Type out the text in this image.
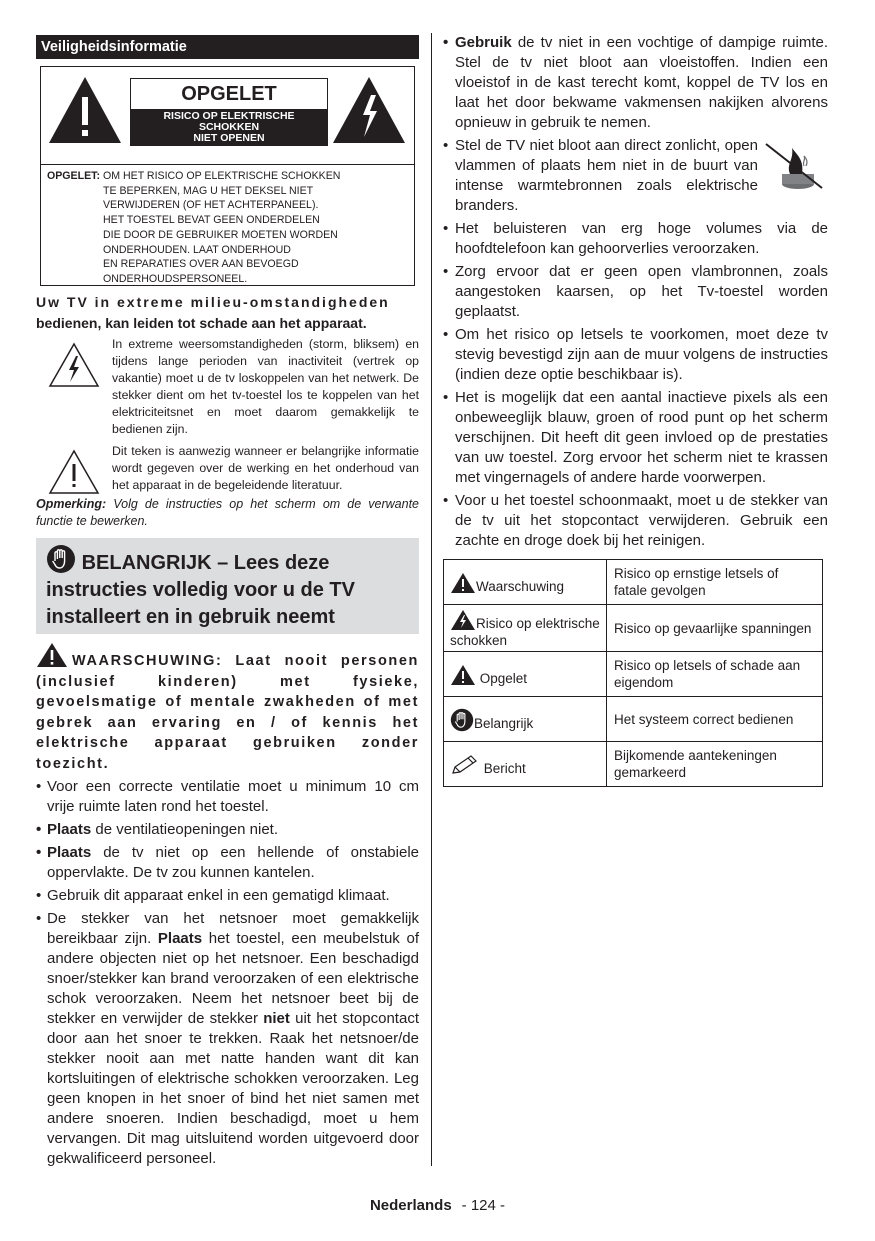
Veiligheidsinformatie
OPGELET
RISICO OP ELEKTRISCHE
SCHOKKEN
NIET OPENEN
OPGELET: OM HET RISICO OP ELEKTRISCHE SCHOKKEN
TE BEPERKEN, MAG U HET DEKSEL NIET
VERWIJDEREN (OF HET ACHTERPANEEL).
HET TOESTEL BEVAT GEEN ONDERDELEN
DIE DOOR DE GEBRUIKER MOETEN WORDEN
ONDERHOUDEN. LAAT ONDERHOUD
EN REPARATIES OVER AAN BEVOEGD
ONDERHOUDSPERSONEEL.
Uw TV in extreme milieu-omstandigheden
bedienen, kan leiden tot schade aan het apparaat.
In extreme weersomstandigheden (storm, bliksem) en tijdens lange perioden van inactiviteit (vertrek op vakantie) moet u de tv loskoppelen van het netwerk. De stekker dient om het tv-toestel los te koppelen van het elektriciteitsnet en moet daarom gemakkelijk te bedienen zijn.
Dit teken is aanwezig wanneer er belangrijke informatie wordt gegeven over de werking en het onderhoud van het apparaat in de begeleidende literatuur.
Opmerking: Volg de instructies op het scherm om de verwante functie te bewerken.
BELANGRIJK – Lees deze instructies volledig voor u de TV installeert en in gebruik neemt
WAARSCHUWING: Laat nooit personen (inclusief kinderen) met fysieke, gevoelsmatige of mentale zwakheden of met gebrek aan ervaring en / of kennis het elektrische apparaat gebruiken zonder toezicht.
• Voor een correcte ventilatie moet u minimum 10 cm vrije ruimte laten rond het toestel.
• Plaats de ventilatieopeningen niet.
• Plaats de tv niet op een hellende of onstabiele oppervlakte. De tv zou kunnen kantelen.
• Gebruik dit apparaat enkel in een gematigd klimaat.
• De stekker van het netsnoer moet gemakkelijk bereikbaar zijn. Plaats het toestel, een meubelstuk of andere objecten niet op het netsnoer. Een beschadigd snoer/stekker kan brand veroorzaken of een elektrische schok veroorzaken. Neem het netsnoer beet bij de stekker en verwijder de stekker niet uit het stopcontact door aan het snoer te trekken. Raak het netsnoer/de stekker nooit aan met natte handen want dit kan kortsluitingen of elektrische schokken veroorzaken. Leg geen knopen in het snoer of bind het niet samen met andere snoeren. Indien beschadigd, moet u hem vervangen. Dit mag uitsluitend worden uitgevoerd door gekwalificeerd personeel.
• Gebruik de tv niet in een vochtige of dampige ruimte. Stel de tv niet bloot aan vloeistoffen. Indien een vloeistof in de kast terecht komt, koppel de TV los en laat het door bekwame vakmensen nakijken alvorens opnieuw in gebruik te nemen.
• Stel de TV niet bloot aan direct zonlicht, open vlammen of plaats hem niet in de buurt van intense warmtebronnen zoals elektrische branders.
• Het beluisteren van erg hoge volumes via de hoofdtelefoon kan gehoorverlies veroorzaken.
• Zorg ervoor dat er geen open vlambronnen, zoals aangestoken kaarsen, op het Tv-toestel worden geplaatst.
• Om het risico op letsels te voorkomen, moet deze tv stevig bevestigd zijn aan de muur volgens de instructies (indien deze optie beschikbaar is).
• Het is mogelijk dat een aantal inactieve pixels als een onbeweeglijk blauw, groen of rood punt op het scherm verschijnen. Dit heeft dit geen invloed op de prestaties van uw toestel. Zorg ervoor het scherm niet te krassen met vingernagels of andere harde voorwerpen.
• Voor u het toestel schoonmaakt, moet u de stekker van de tv uit het stopcontact verwijderen. Gebruik een zachte en droge doek bij het reinigen.
Waarschuwing	Risico op ernstige letsels of fatale gevolgen
Risico op elektrische schokken	Risico op gevaarlijke spanningen
Opgelet	Risico op letsels of schade aan eigendom
Belangrijk	Het systeem correct bedienen
Bericht	Bijkomende aantekeningen gemarkeerd
Nederlands - 124 -
